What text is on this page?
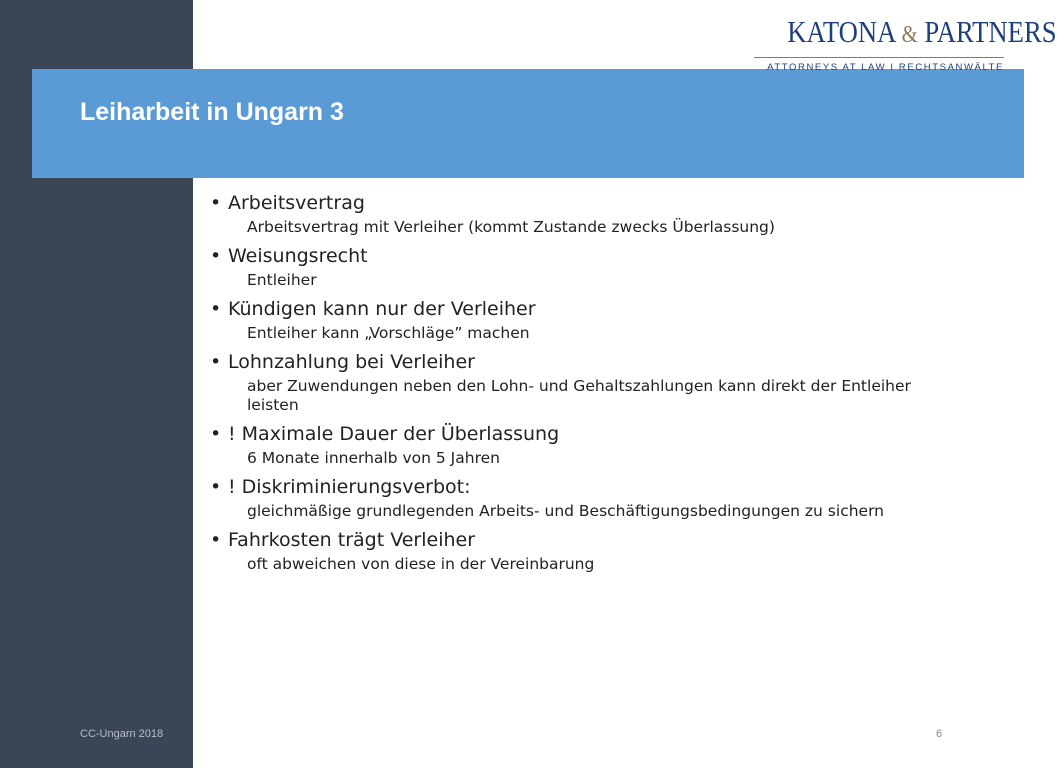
Leiharbeit in Ungarn 3
KATONA & PARTNERS
ATTORNEYS AT LAW I RECHTSANWÄLTE
• Arbeitsvertrag
Arbeitsvertrag mit Verleiher (kommt Zustande zwecks Überlassung)
• Weisungsrecht
Entleiher
• Kündigen kann nur der Verleiher
Entleiher kann „Vorschläge” machen
• Lohnzahlung bei Verleiher
aber Zuwendungen neben den Lohn- und Gehaltszahlungen kann direkt der Entleiher leisten
• ! Maximale Dauer der Überlassung
6 Monate innerhalb von 5 Jahren
• ! Diskriminierungsverbot:
gleichmäßige grundlegenden Arbeits- und Beschäftigungsbedingungen zu sichern
• Fahrkosten trägt Verleiher
oft abweichen von diese in der Vereinbarung
CC-Ungarn 2018	6
